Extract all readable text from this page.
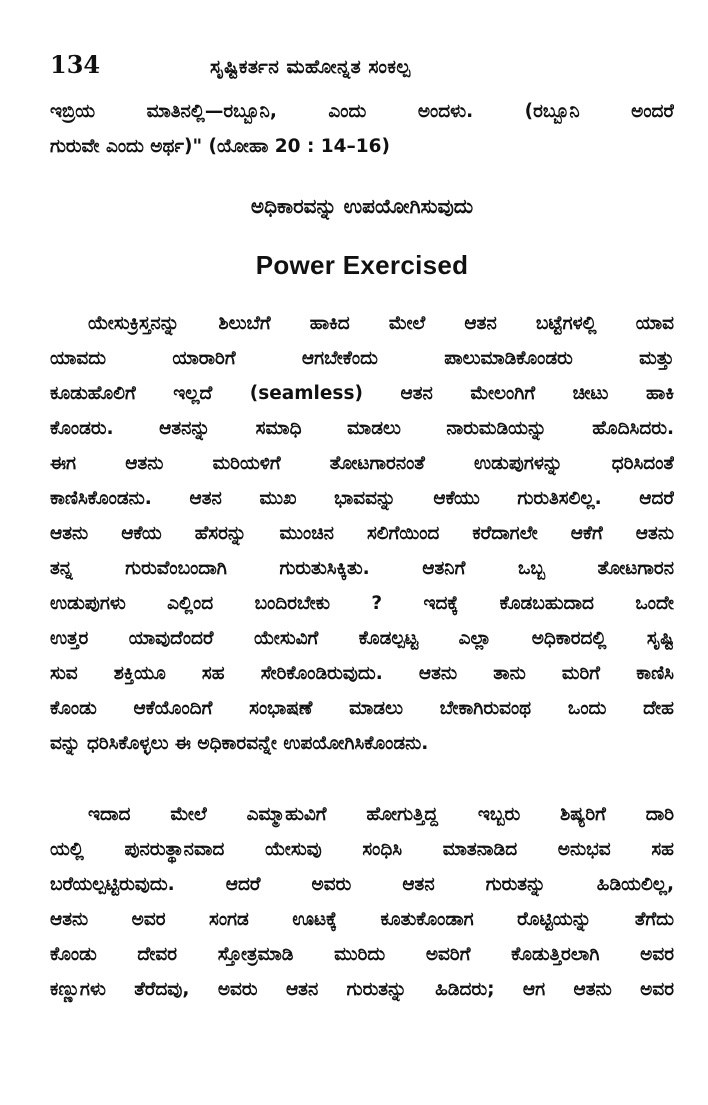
134	ಸೃಷ್ಟಿಕರ್ತನ ಮಹೋನ್ನತ ಸಂಕಲ್ಪ
ಇಬ್ರಿಯ ಮಾತಿನಲ್ಲಿ—ರಬ್ಬೂನಿ, ಎಂದು ಅಂದಳು. (ರಬ್ಬೂನಿ ಅಂದರೆ
ಗುರುವೇ ಎಂದು ಅರ್ಥ)" (ಯೋಹಾ 20 : 14–16)
ಅಧಿಕಾರವನ್ನು ಉಪಯೋಗಿಸುವುದು
Power Exercised
ಯೇಸುಕ್ರಿಸ್ತನನ್ನು ಶಿಲುಬೆಗೆ ಹಾಕಿದ ಮೇಲೆ ಆತನ ಬಟ್ಟೆಗಳಲ್ಲಿ ಯಾವ
ಯಾವದು ಯಾರಾರಿಗೆ ಆಗಬೇಕೆಂದು ಪಾಲುಮಾಡಿಕೊಂಡರು ಮತ್ತು
ಕೂಡುಹೊಲಿಗೆ ಇಲ್ಲದೆ (seamless) ಆತನ ಮೇಲಂಗಿಗೆ ಚೀಟು ಹಾಕಿ
ಕೊಂಡರು. ಆತನನ್ನು ಸಮಾಧಿ ಮಾಡಲು ನಾರುಮಡಿಯನ್ನು ಹೊದಿಸಿದರು.
ಈಗ ಆತನು ಮರಿಯಳಿಗೆ ತೋಟಗಾರನಂತೆ ಉಡುಪುಗಳನ್ನು ಧರಿಸಿದಂತೆ
ಕಾಣಿಸಿಕೊಂಡನು. ಆತನ ಮುಖ ಭಾವವನ್ನು ಆಕೆಯು ಗುರುತಿಸಲಿಲ್ಲ. ಆದರೆ
ಆತನು ಆಕೆಯ ಹೆಸರನ್ನು ಮುಂಚಿನ ಸಲಿಗೆಯಿಂದ ಕರೆದಾಗಲೇ ಆಕೆಗೆ ಆತನು
ತನ್ನ ಗುರುವೆಂಬಂದಾಗಿ ಗುರುತುಸಿಕ್ಕಿತು. ಆತನಿಗೆ ಒಬ್ಬ ತೋಟಗಾರನ
ಉಡುಪುಗಳು ಎಲ್ಲಿಂದ ಬಂದಿರಬೇಕು ? ಇದಕ್ಕೆ ಕೊಡಬಹುದಾದ ಒಂದೇ
ಉತ್ತರ ಯಾವುದೆಂದರೆ ಯೇಸುವಿಗೆ ಕೊಡಲ್ಪಟ್ಟ ಎಲ್ಲಾ ಅಧಿಕಾರದಲ್ಲಿ ಸೃಷ್ಟಿ
ಸುವ ಶಕ್ತಿಯೂ ಸಹ ಸೇರಿಕೊಂಡಿರುವುದು. ಆತನು ತಾನು ಮರಿಗೆ ಕಾಣಿಸಿ
ಕೊಂಡು ಆಕೆಯೊಂದಿಗೆ ಸಂಭಾಷಣೆ ಮಾಡಲು ಬೇಕಾಗಿರುವಂಥ ಒಂದು ದೇಹ
ವನ್ನು ಧರಿಸಿಕೊಳ್ಳಲು ಈ ಅಧಿಕಾರವನ್ನೇ ಉಪಯೋಗಿಸಿಕೊಂಡನು.
ಇದಾದ ಮೇಲೆ ಎಮ್ಮಾಹುವಿಗೆ ಹೋಗುತ್ತಿದ್ದ ಇಬ್ಬರು ಶಿಷ್ಯರಿಗೆ ದಾರಿ
ಯಲ್ಲಿ ಪುನರುತ್ಥಾನವಾದ ಯೇಸುವು ಸಂಧಿಸಿ ಮಾತನಾಡಿದ ಅನುಭವ ಸಹ
ಬರೆಯಲ್ಪಟ್ಟಿರುವುದು. ಆದರೆ ಅವರು ಆತನ ಗುರುತನ್ನು ಹಿಡಿಯಲಿಲ್ಲ,
ಆತನು ಅವರ ಸಂಗಡ ಊಟಕ್ಕೆ ಕೂತುಕೊಂಡಾಗ ರೊಟ್ಟಿಯನ್ನು ತೆಗೆದು
ಕೊಂಡು ದೇವರ ಸ್ತೋತ್ರಮಾಡಿ ಮುರಿದು ಅವರಿಗೆ ಕೊಡುತ್ತಿರಲಾಗಿ ಅವರ
ಕಣ್ಣುಗಳು ತೆರೆದವು, ಅವರು ಆತನ ಗುರುತನ್ನು ಹಿಡಿದರು; ಆಗ ಆತನು ಅವರ
